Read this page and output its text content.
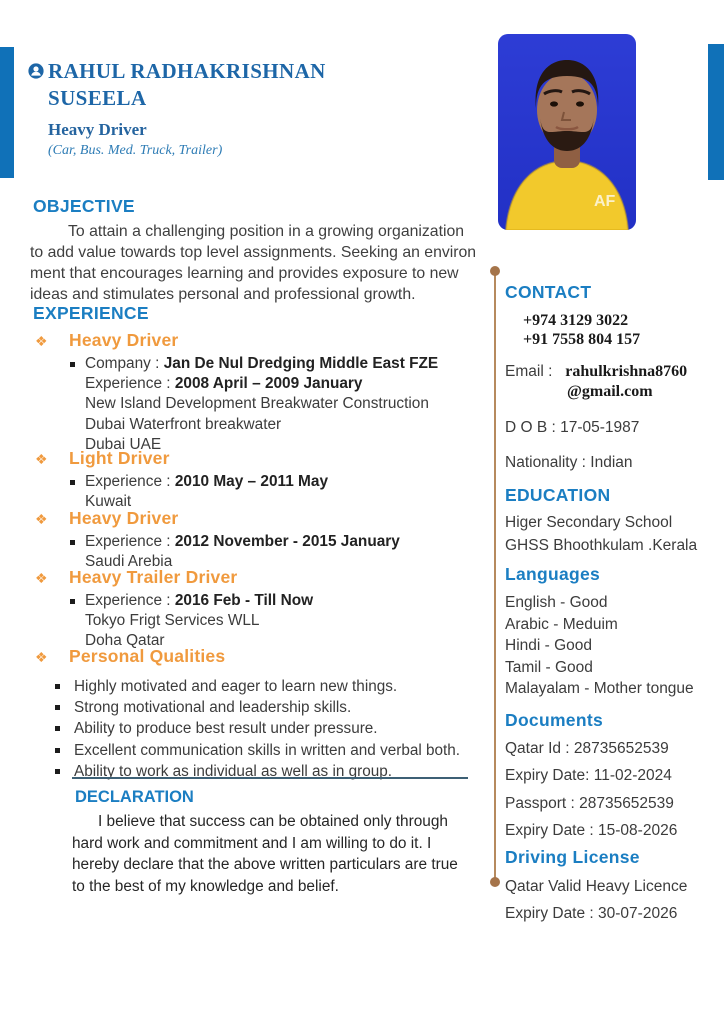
RAHUL RADHAKRISHNAN
SUSEELA
Heavy Driver
(Car, Bus. Med. Truck, Trailer)
AF
OBJECTIVE
To attain a challenging position in a growing organization to add value towards top level assignments. Seeking an environ ment that encourages learning and provides exposure to new ideas and stimulates personal and professional growth.
EXPERIENCE
❖	Heavy Driver
Company : Jan De Nul Dredging Middle East FZE
Experience : 2008 April – 2009 January
New Island Development Breakwater Construction
Dubai Waterfront breakwater
Dubai UAE
❖	Light Driver
Experience : 2010 May – 2011 May
Kuwait
❖	Heavy Driver
Experience : 2012 November - 2015 January
Saudi Arebia
❖	Heavy Trailer Driver
Experience : 2016 Feb - Till Now
Tokyo Frigt Services WLL
Doha Qatar
❖	Personal Qualities
Highly motivated and eager to learn new things.
Strong motivational and leadership skills.
Ability to produce best result under pressure.
Excellent communication skills in written and verbal both.
Ability to work as individual as well as in group.
DECLARATION
I believe that success can be obtained only through hard work and commitment and I am willing to do it. I hereby declare that the above written particulars are true to the best of my knowledge and belief.
CONTACT
+974 3129 3022
+91 7558 804 157
Email : rahulkrishna8760
@gmail.com
D O B : 17-05-1987
Nationality : Indian
EDUCATION
Higer Secondary School
GHSS Bhoothkulam .Kerala
Languages
English - Good
Arabic - Meduim
Hindi - Good
Tamil - Good
Malayalam - Mother tongue
Documents
Qatar Id : 28735652539
Expiry Date: 11-02-2024
Passport : 28735652539
Expiry Date : 15-08-2026
Driving License
Qatar Valid Heavy Licence
Expiry Date : 30-07-2026
